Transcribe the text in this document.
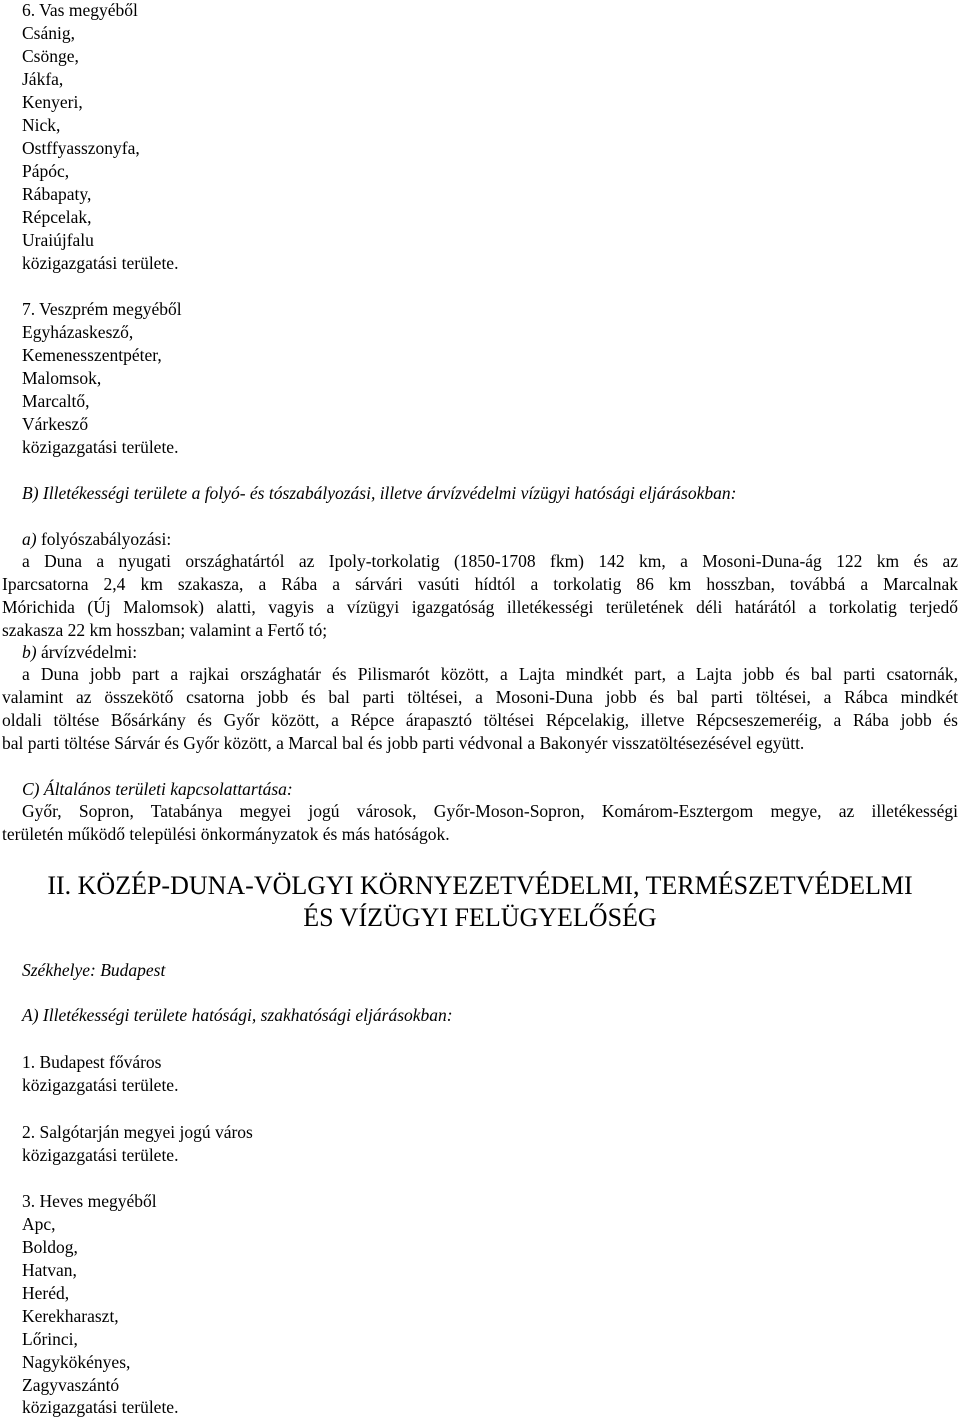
6. Vas megyéből
Csánig,
Csönge,
Jákfa,
Kenyeri,
Nick,
Ostffyasszonyfa,
Pápóc,
Rábapaty,
Répcelak,
Uraiújfalu
közigazgatási területe.
7. Veszprém megyéből
Egyházaskesző,
Kemenesszentpéter,
Malomsok,
Marcaltő,
Várkesző
közigazgatási területe.
B) Illetékességi területe a folyó- és tószabályozási, illetve árvízvédelmi vízügyi hatósági eljárásokban:
a) folyószabályozási:
a Duna a nyugati országhatártól az Ipoly-torkolatig (1850-1708 fkm) 142 km, a Mosoni-Duna-ág 122 km és az
Iparcsatorna 2,4 km szakasza, a Rába a sárvári vasúti hídtól a torkolatig 86 km hosszban, továbbá a Marcalnak
Mórichida (Új Malomsok) alatti, vagyis a vízügyi igazgatóság illetékességi területének déli határától a torkolatig terjedő
szakasza 22 km hosszban; valamint a Fertő tó;
b) árvízvédelmi:
a Duna jobb part a rajkai országhatár és Pilismarót között, a Lajta mindkét part, a Lajta jobb és bal parti csatornák,
valamint az összekötő csatorna jobb és bal parti töltései, a Mosoni-Duna jobb és bal parti töltései, a Rábca mindkét
oldali töltése Bősárkány és Győr között, a Répce árapasztó töltései Répcelakig, illetve Répcseszemeréig, a Rába jobb és
bal parti töltése Sárvár és Győr között, a Marcal bal és jobb parti védvonal a Bakonyér visszatöltésezésével együtt.
C) Általános területi kapcsolattartása:
Győr, Sopron, Tatabánya megyei jogú városok, Győr-Moson-Sopron, Komárom-Esztergom megye, az illetékességi
területén működő települési önkormányzatok és más hatóságok.
II. KÖZÉP-DUNA-VÖLGYI KÖRNYEZETVÉDELMI, TERMÉSZETVÉDELMI
ÉS VÍZÜGYI FELÜGYELŐSÉG
Székhelye: Budapest
A) Illetékességi területe hatósági, szakhatósági eljárásokban:
1. Budapest főváros
közigazgatási területe.
2. Salgótarján megyei jogú város
közigazgatási területe.
3. Heves megyéből
Apc,
Boldog,
Hatvan,
Heréd,
Kerekharaszt,
Lőrinci,
Nagykökényes,
Zagyvaszántó
közigazgatási területe.
